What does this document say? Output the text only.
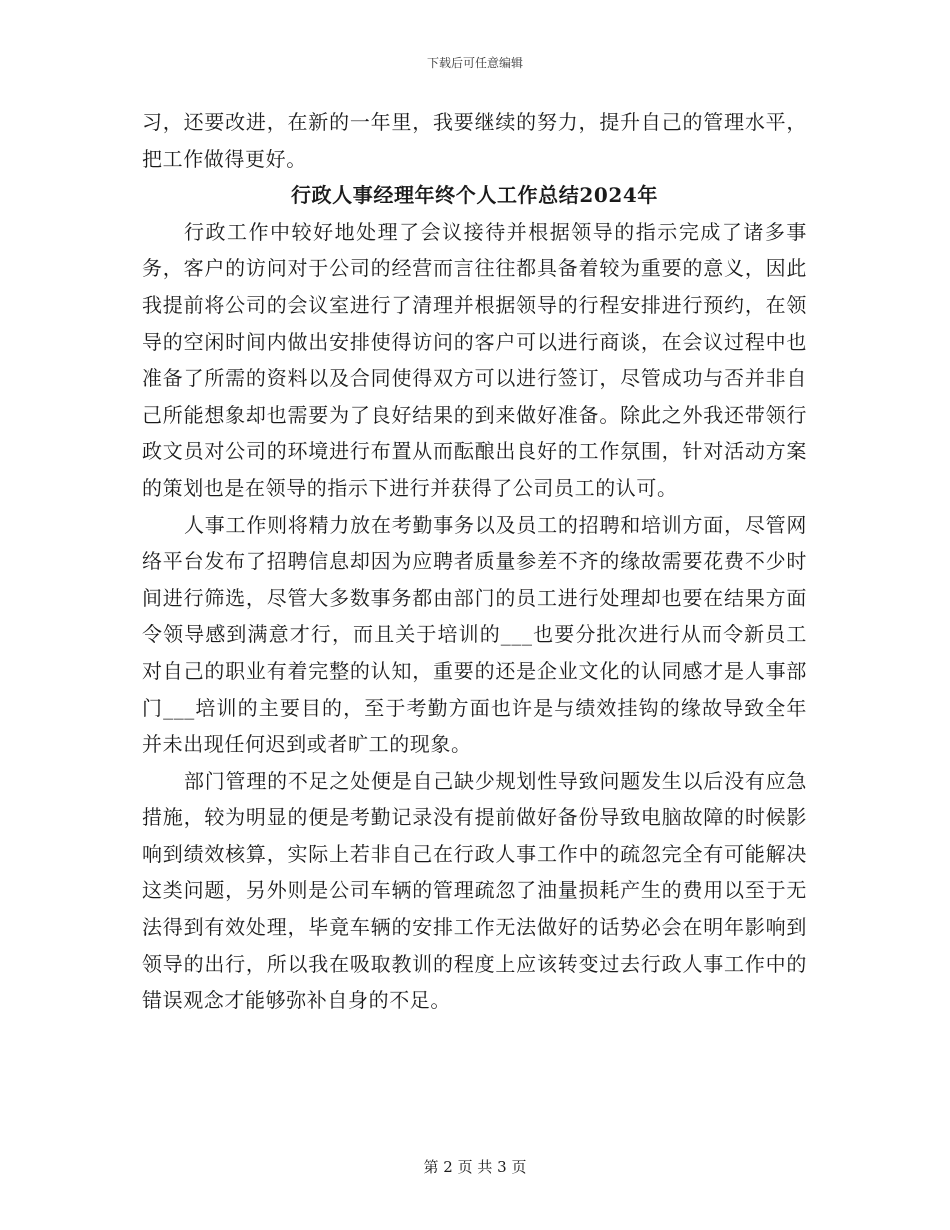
下载后可任意编辑

习，还要改进，在新的一年里，我要继续的努力，提升自己的管理水平，把工作做得更好。

行政人事经理年终个人工作总结2024年

行政工作中较好地处理了会议接待并根据领导的指示完成了诸多事务，客户的访问对于公司的经营而言往往都具备着较为重要的意义，因此我提前将公司的会议室进行了清理并根据领导的行程安排进行预约，在领导的空闲时间内做出安排使得访问的客户可以进行商谈，在会议过程中也准备了所需的资料以及合同使得双方可以进行签订，尽管成功与否并非自己所能想象却也需要为了良好结果的到来做好准备。除此之外我还带领行政文员对公司的环境进行布置从而酝酿出良好的工作氛围，针对活动方案的策划也是在领导的指示下进行并获得了公司员工的认可。

人事工作则将精力放在考勤事务以及员工的招聘和培训方面，尽管网络平台发布了招聘信息却因为应聘者质量参差不齐的缘故需要花费不少时间进行筛选，尽管大多数事务都由部门的员工进行处理却也要在结果方面令领导感到满意才行，而且关于培训的___也要分批次进行从而令新员工对自己的职业有着完整的认知，重要的还是企业文化的认同感才是人事部门___培训的主要目的，至于考勤方面也许是与绩效挂钩的缘故导致全年并未出现任何迟到或者旷工的现象。

部门管理的不足之处便是自己缺少规划性导致问题发生以后没有应急措施，较为明显的便是考勤记录没有提前做好备份导致电脑故障的时候影响到绩效核算，实际上若非自己在行政人事工作中的疏忽完全有可能解决这类问题，另外则是公司车辆的管理疏忽了油量损耗产生的费用以至于无法得到有效处理，毕竟车辆的安排工作无法做好的话势必会在明年影响到领导的出行，所以我在吸取教训的程度上应该转变过去行政人事工作中的错误观念才能够弥补自身的不足。

第 2 页 共 3 页
